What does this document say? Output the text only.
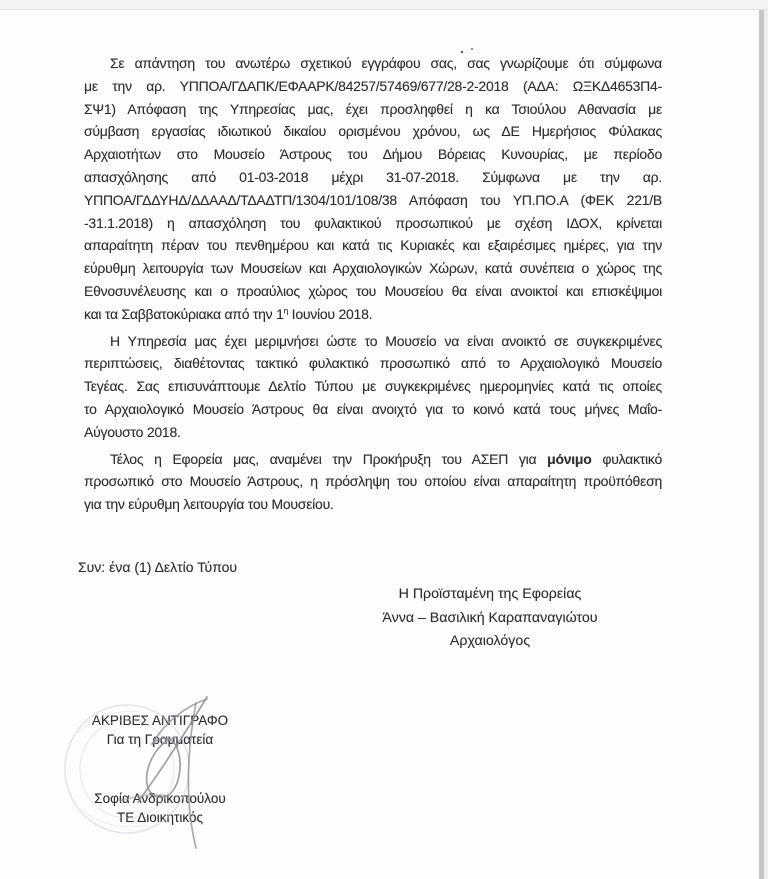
Σε απάντηση του ανωτέρω σχετικού εγγράφου σας, σας γνωρίζουμε ότι σύμφωνα
με την αρ. ΥΠΠΟΑ/ΓΔΑΠΚ/ΕΦΑΑΡΚ/84257/57469/677/28-2-2018 (ΑΔΑ: ΩΞΚΔ4653Π4-
ΣΨ1) Απόφαση της Υπηρεσίας μας, έχει προσληφθεί η κα Τσιούλου Αθανασία με
σύμβαση εργασίας ιδιωτικού δικαίου ορισμένου χρόνου, ως ΔΕ Ημερήσιος Φύλακας
Αρχαιοτήτων στο Μουσείο Άστρους του Δήμου Βόρειας Κυνουρίας, με περίοδο
απασχόλησης από 01-03-2018 μέχρι 31-07-2018. Σύμφωνα με την αρ.
ΥΠΠΟΑ/ΓΔΔΥΗΔ/ΔΔΑΑΔ/ΤΔΑΔΤΠ/1304/101/108/38 Απόφαση του ΥΠ.ΠΟ.Α (ΦΕΚ 221/Β
-31.1.2018) η απασχόληση του φυλακτικού προσωπικού με σχέση ΙΔΟΧ, κρίνεται
απαραίτητη πέραν του πενθημέρου και κατά τις Κυριακές και εξαιρέσιμες ημέρες, για την
εύρυθμη λειτουργία των Μουσείων και Αρχαιολογικών Χώρων, κατά συνέπεια ο χώρος της
Εθνοσυνέλευσης και ο προαύλιος χώρος του Μουσείου θα είναι ανοικτοί και επισκέψιμοι
και τα Σαββατοκύριακα από την $1^\eta$ Ιουνίου 2018.
Η Υπηρεσία μας έχει μεριμνήσει ώστε το Μουσείο να είναι ανοικτό σε συγκεκριμένες
περιπτώσεις, διαθέτοντας τακτικό φυλακτικό προσωπικό από το Αρχαιολογικό Μουσείο
Τεγέας. Σας επισυνάπτουμε Δελτίο Τύπου με συγκεκριμένες ημερομηνίες κατά τις οποίες
το Αρχαιολογικό Μουσείο Άστρους θα είναι ανοιχτό για το κοινό κατά τους μήνες Μαΐο-
Αύγουστο 2018.
Τέλος η Εφορεία μας, αναμένει την Προκήρυξη του ΑΣΕΠ για μόνιμο φυλακτικό
προσωπικό στο Μουσείο Άστρους, η πρόσληψη του οποίου είναι απαραίτητη προϋπόθεση
για την εύρυθμη λειτουργία του Μουσείου.
Συν: ένα (1) Δελτίο Τύπου
Η Προϊσταμένη της Εφορείας
Άννα – Βασιλική Καραπαναγιώτου
Αρχαιολόγος
ΑΚΡΙΒΕΣ ΑΝΤΙΓΡΑΦΟ
Για τη Γραμματεία
Σοφία Ανδρικοπούλου
ΤΕ Διοικητικός
